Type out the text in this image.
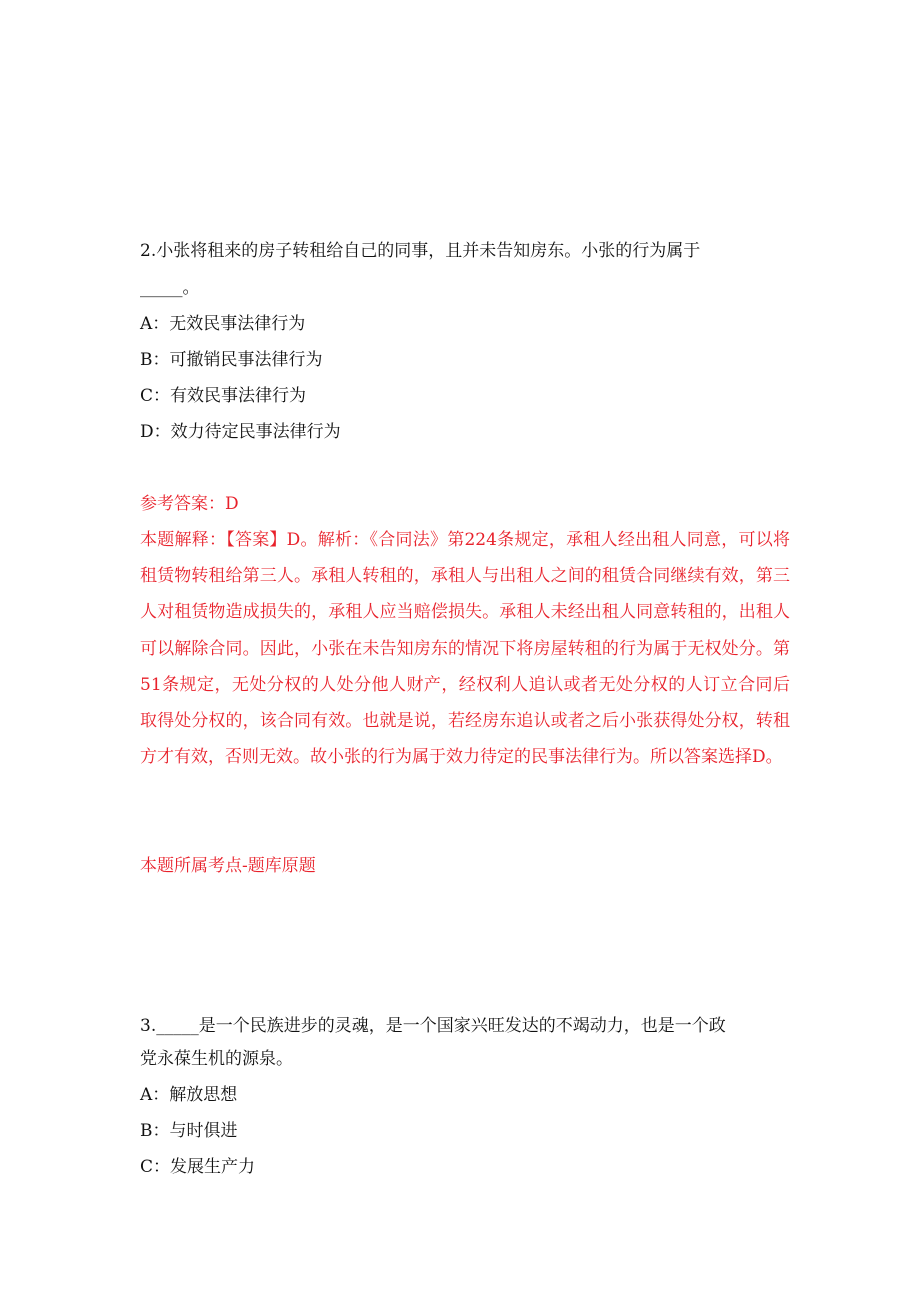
2.小张将租来的房子转租给自己的同事，且并未告知房东。小张的行为属于

_____。

A：无效民事法律行为

B：可撤销民事法律行为

C：有效民事法律行为

D：效力待定民事法律行为

参考答案：D

本题解释：【答案】D。解析：《合同法》第224条规定，承租人经出租人同意，可以将租赁物转租给第三人。承租人转租的，承租人与出租人之间的租赁合同继续有效，第三人对租赁物造成损失的，承租人应当赔偿损失。承租人未经出租人同意转租的，出租人可以解除合同。因此，小张在未告知房东的情况下将房屋转租的行为属于无权处分。第51条规定，无处分权的人处分他人财产，经权利人追认或者无处分权的人订立合同后取得处分权的，该合同有效。也就是说，若经房东追认或者之后小张获得处分权，转租方才有效，否则无效。故小张的行为属于效力待定的民事法律行为。所以答案选择D。

本题所属考点-题库原题

3._____是一个民族进步的灵魂，是一个国家兴旺发达的不竭动力，也是一个政

党永葆生机的源泉。

A：解放思想

B：与时俱进

C：发展生产力
